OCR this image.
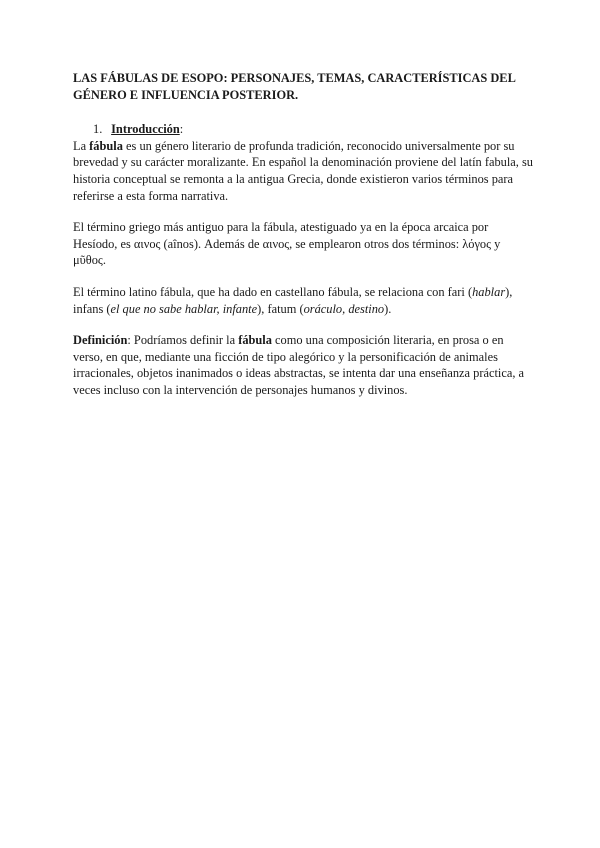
LAS FÁBULAS DE ESOPO: PERSONAJES, TEMAS, CARACTERÍSTICAS DEL GÉNERO E INFLUENCIA POSTERIOR.
1. Introducción:

La fábula es un género literario de profunda tradición, reconocido universalmente por su brevedad y su carácter moralizante. En español la denominación proviene del latín fabula, su historia conceptual se remonta a la antigua Grecia, donde existieron varios términos para referirse a esta forma narrativa.

El término griego más antiguo para la fábula, atestiguado ya en la época arcaica por Hesíodo, es αινος (aînos). Además de αινος, se emplearon otros dos términos: λόγος y μῦθος.

El término latino fábula, que ha dado en castellano fábula, se relaciona con fari (hablar), infans (el que no sabe hablar, infante), fatum (oráculo, destino).

Definición: Podríamos definir la fábula como una composición literaria, en prosa o en verso, en que, mediante una ficción de tipo alegórico y la personificación de animales irracionales, objetos inanimados o ideas abstractas, se intenta dar una enseñanza práctica, a veces incluso con la intervención de personajes humanos y divinos.
